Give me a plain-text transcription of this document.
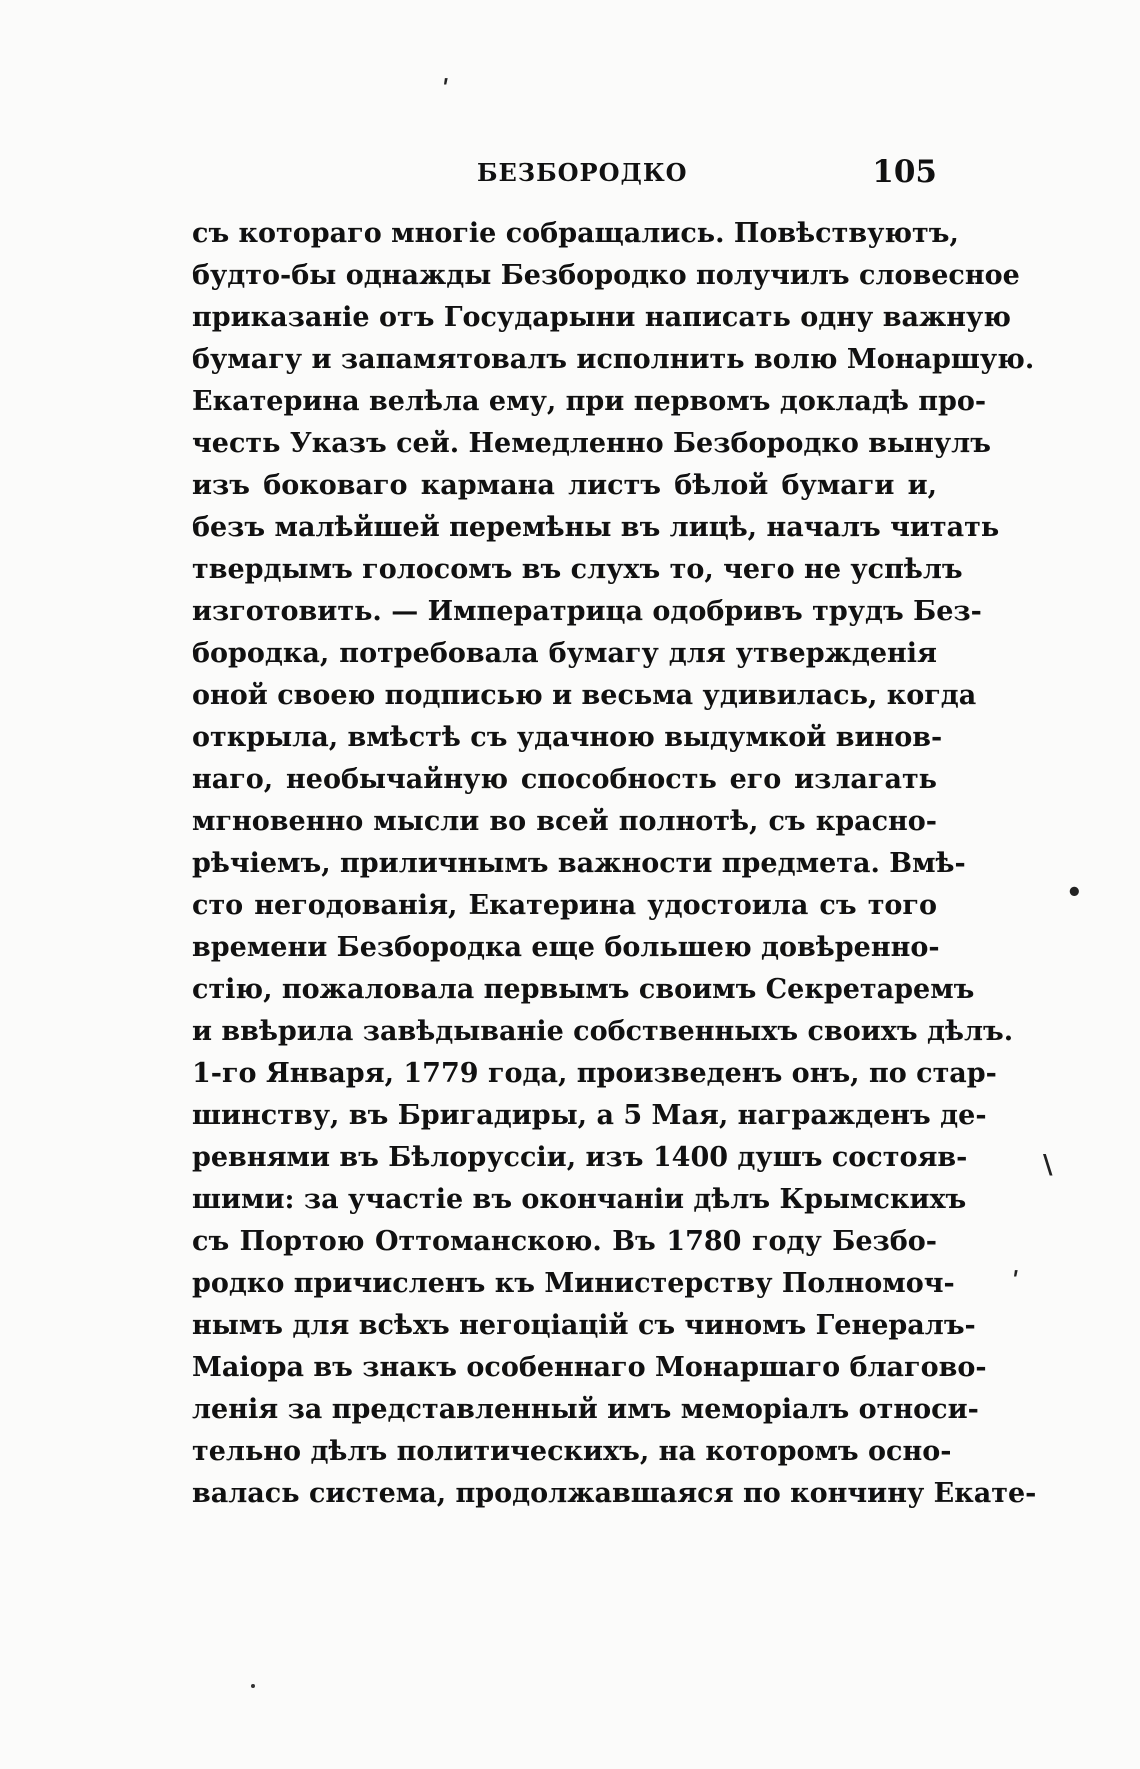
ʹ
•
\
ʹ
БЕЗБОРОДКО	105
съ котораго многіе собращались. Повѣствуютъ,
будто-бы однажды Безбородко получилъ словесное
приказаніе отъ Государыни написать одну важную
бумагу и запамятовалъ исполнить волю Монаршую.
Екатерина велѣла ему, при первомъ докладѣ про-
честь Указъ сей. Немедленно Безбородко вынулъ
изъ боковаго кармана листъ бѣлой бумаги и,
безъ малѣйшей перемѣны въ лицѣ, началъ читать
твердымъ голосомъ въ слухъ то, чего не успѣлъ
изготовить. — Императрица одобривъ трудъ Без-
бородка, потребовала бумагу для утвержденія
оной своею подписью и весьма удивилась, когда
открыла, вмѣстѣ съ удачною выдумкой винов-
наго, необычайную способность его излагать
мгновенно мысли во всей полнотѣ, съ красно-
рѣчіемъ, приличнымъ важности предмета. Вмѣ-
сто негодованія, Екатерина удостоила съ того
времени Безбородка еще большею довѣренно-
стію, пожаловала первымъ своимъ Секретаремъ
и ввѣрила завѣдываніе собственныхъ своихъ дѣлъ.
1-го Января, 1779 года, произведенъ онъ, по стар-
шинству, въ Бригадиры, а 5 Мая, награжденъ де-
ревнями въ Бѣлоруссіи, изъ 1400 душъ состояв-
шими: за участіе въ окончаніи дѣлъ Крымскихъ
съ Портою Оттоманскою. Въ 1780 году Безбо-
родко причисленъ къ Министерству Полномоч-
нымъ для всѣхъ негоціацій съ чиномъ Генералъ-
Маіора въ знакъ особеннаго Монаршаго благово-
ленія за представленный имъ меморіалъ относи-
тельно дѣлъ политическихъ, на которомъ осно-
валась система, продолжавшаяся по кончину Екате-
